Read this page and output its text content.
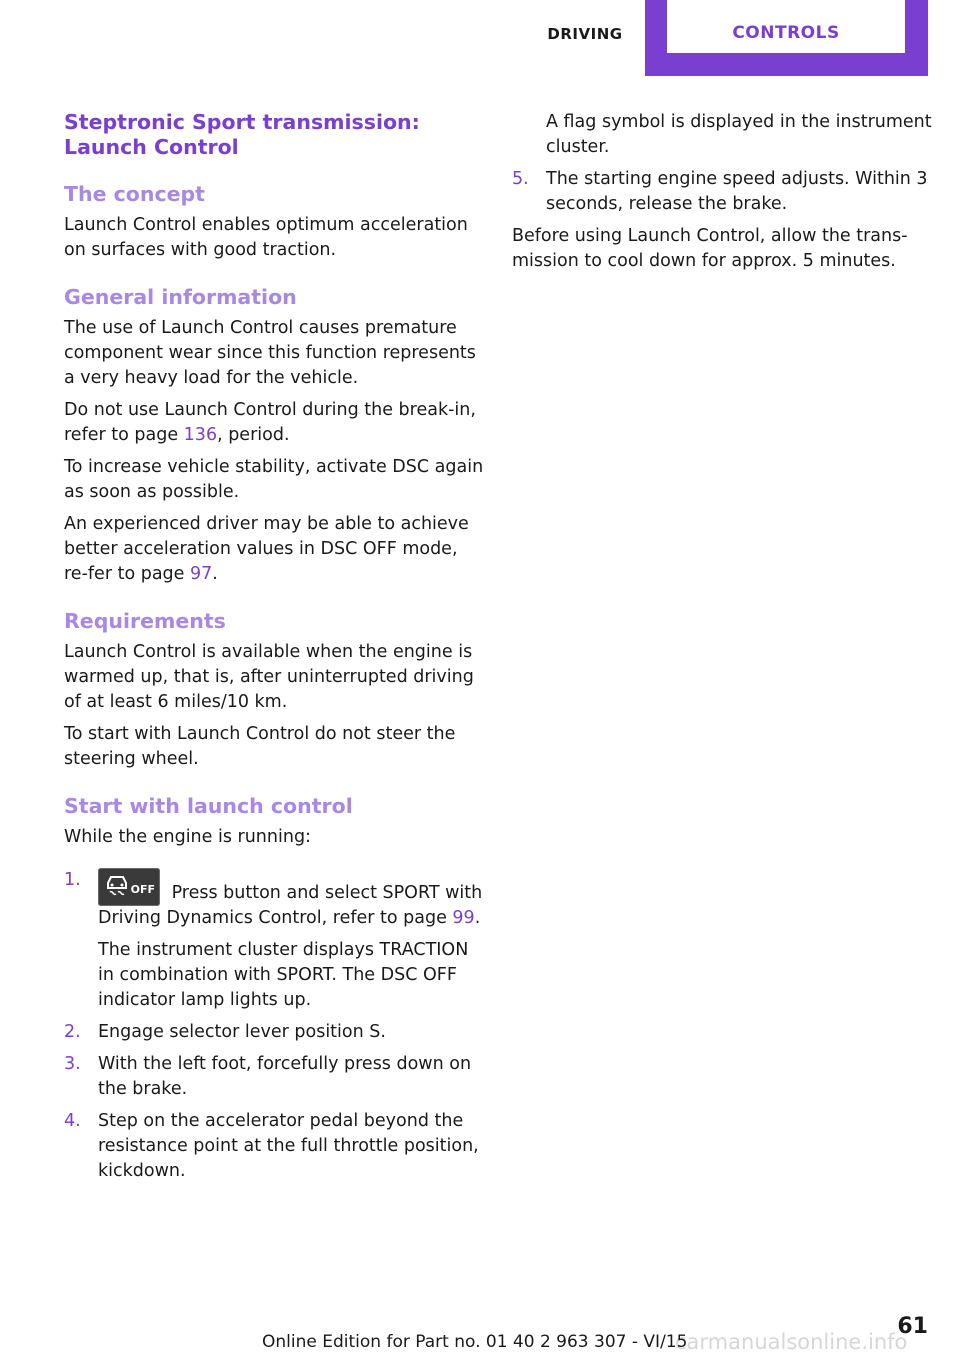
DRIVING	CONTROLS
Steptronic Sport transmission: Launch Control
The concept

Launch Control enables optimum acceleration on surfaces with good traction.

General information

The use of Launch Control causes premature component wear since this function represents a very heavy load for the vehicle.

Do not use Launch Control during the break-in, refer to page 136, period.

To increase vehicle stability, activate DSC again as soon as possible.

An experienced driver may be able to achieve better acceleration values in DSC OFF mode, re‐fer to page 97.

Requirements

Launch Control is available when the engine is warmed up, that is, after uninterrupted driving of at least 6 miles/10 km.

To start with Launch Control do not steer the steering wheel.

Start with launch control

While the engine is running:

1.	OFF Press button and select SPORT with Driving Dynamics Control, refer to page 99.

The instrument cluster displays TRACTION in combination with SPORT. The DSC OFF indicator lamp lights up.

2. Engage selector lever position S.
3. With the left foot, forcefully press down on the brake.
4. Step on the accelerator pedal beyond the resistance point at the full throttle position, kickdown.
A flag symbol is displayed in the instrument cluster.
5. The starting engine speed adjusts. Within 3 seconds, release the brake.

Before using Launch Control, allow the trans‐mission to cool down for approx. 5 minutes.

carmanualsonline.info
Online Edition for Part no. 01 40 2 963 307 - VI/15
61
